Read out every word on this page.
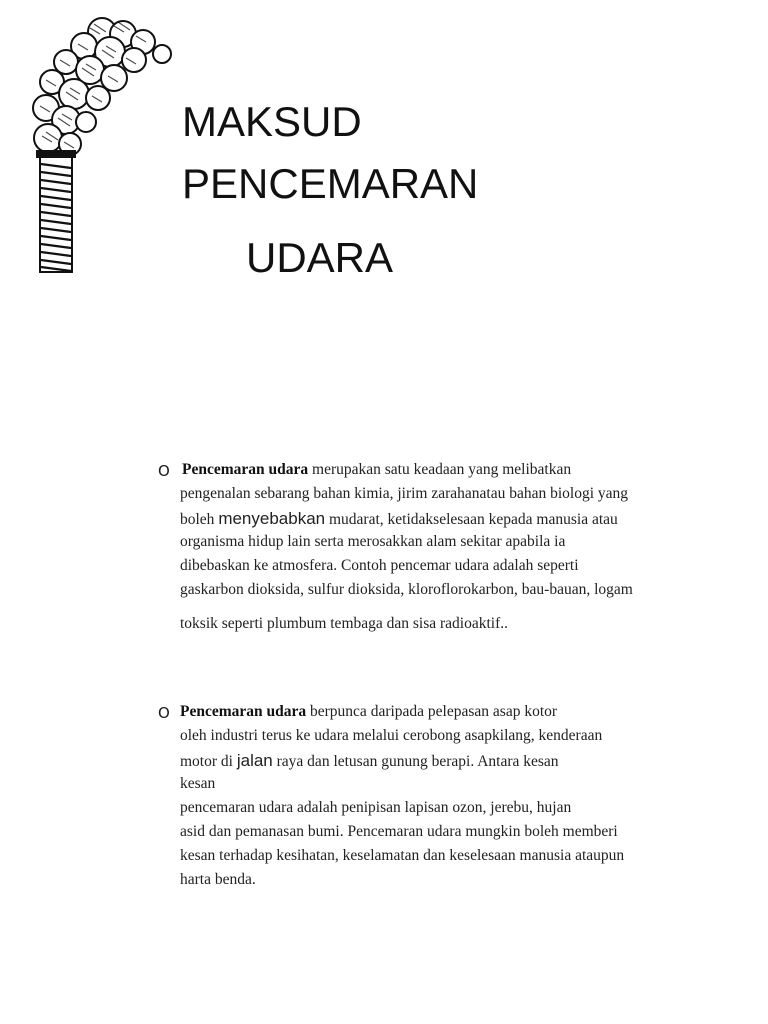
MAKSUD
PENCEMARAN
UDARA
O Pencemaran udara merupakan satu keadaan yang melibatkan
pengenalan sebarang bahan kimia, jirim zarahanatau bahan biologi yang
boleh menyebabkan mudarat, ketidakselesaan kepada manusia atau
organisma hidup lain serta merosakkan alam sekitar apabila ia
dibebaskan ke atmosfera. Contoh pencemar udara adalah seperti
gaskarbon dioksida, sulfur dioksida, kloroflorokarbon, bau-bauan, logam
toksik seperti plumbum tembaga dan sisa radioaktif..
O Pencemaran udara berpunca daripada pelepasan asap kotor
oleh industri terus ke udara melalui cerobong asapkilang, kenderaan
motor di jalan raya dan letusan gunung berapi. Antara kesan
kesan
pencemaran udara adalah penipisan lapisan ozon, jerebu, hujan
asid dan pemanasan bumi. Pencemaran udara mungkin boleh memberi
kesan terhadap kesihatan, keselamatan dan keselesaan manusia ataupun
harta benda.
